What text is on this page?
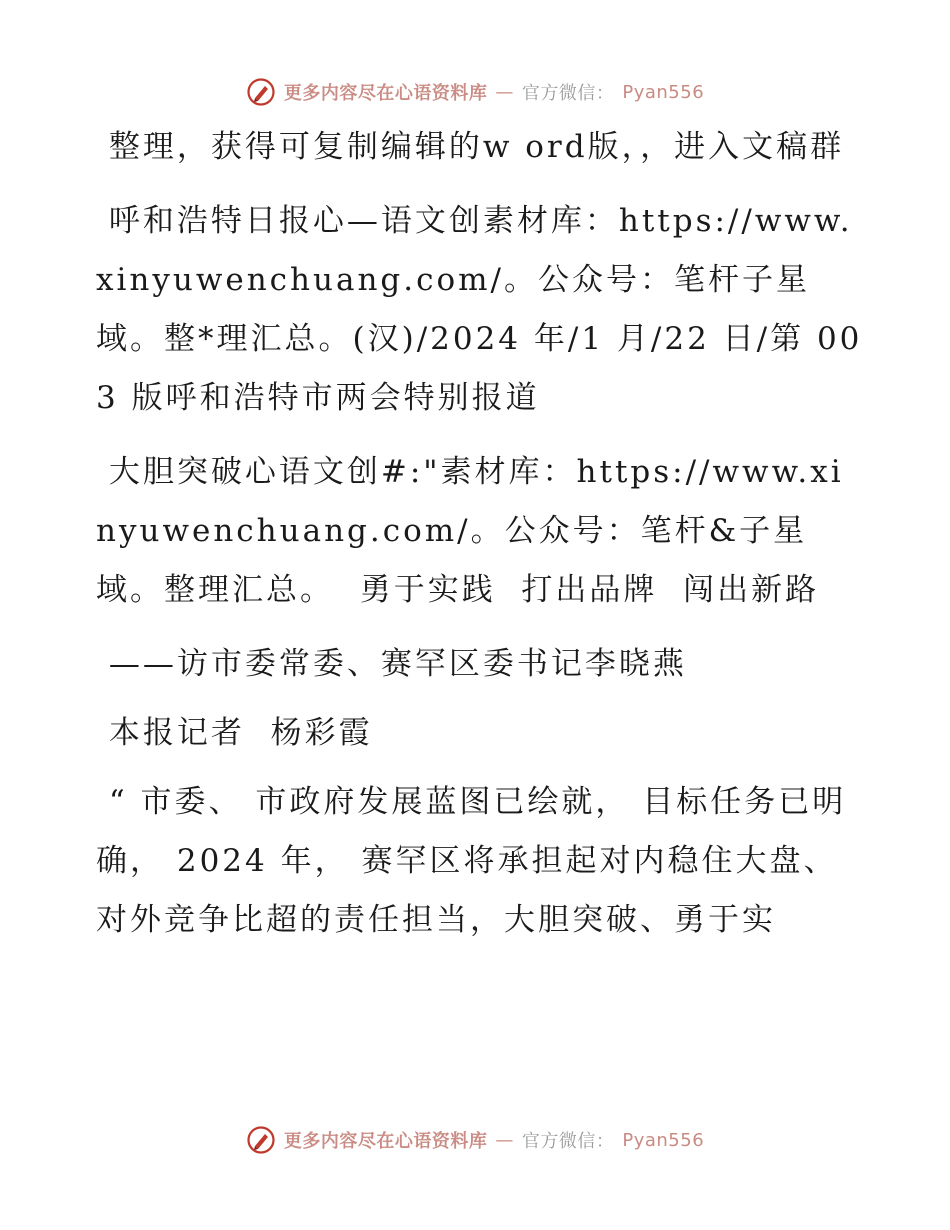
更多内容尽在心语资料库 — 官方微信： Pyan556

整理，获得可复制编辑的w ord版，，进入文稿群

呼和浩特日报心—语文创素材库：https://www.xinyuwenchuang.com/。公众号：笔杆子星域。整*理汇总。(汉)/2024 年/1 月/22 日/第 003 版呼和浩特市两会特别报道

大胆突破心语文创#:"素材库：https://www.xinyuwenchuang.com/。公众号：笔杆&子星域。整理汇总。  勇于实践  打出品牌  闯出新路

——访市委常委、赛罕区委书记李晓燕

本报记者  杨彩霞

“ 市委、 市政府发展蓝图已绘就， 目标任务已明确， 2024 年， 赛罕区将承担起对内稳住大盘、对外竞争比超的责任担当，大胆突破、勇于实

更多内容尽在心语资料库 — 官方微信： Pyan556
